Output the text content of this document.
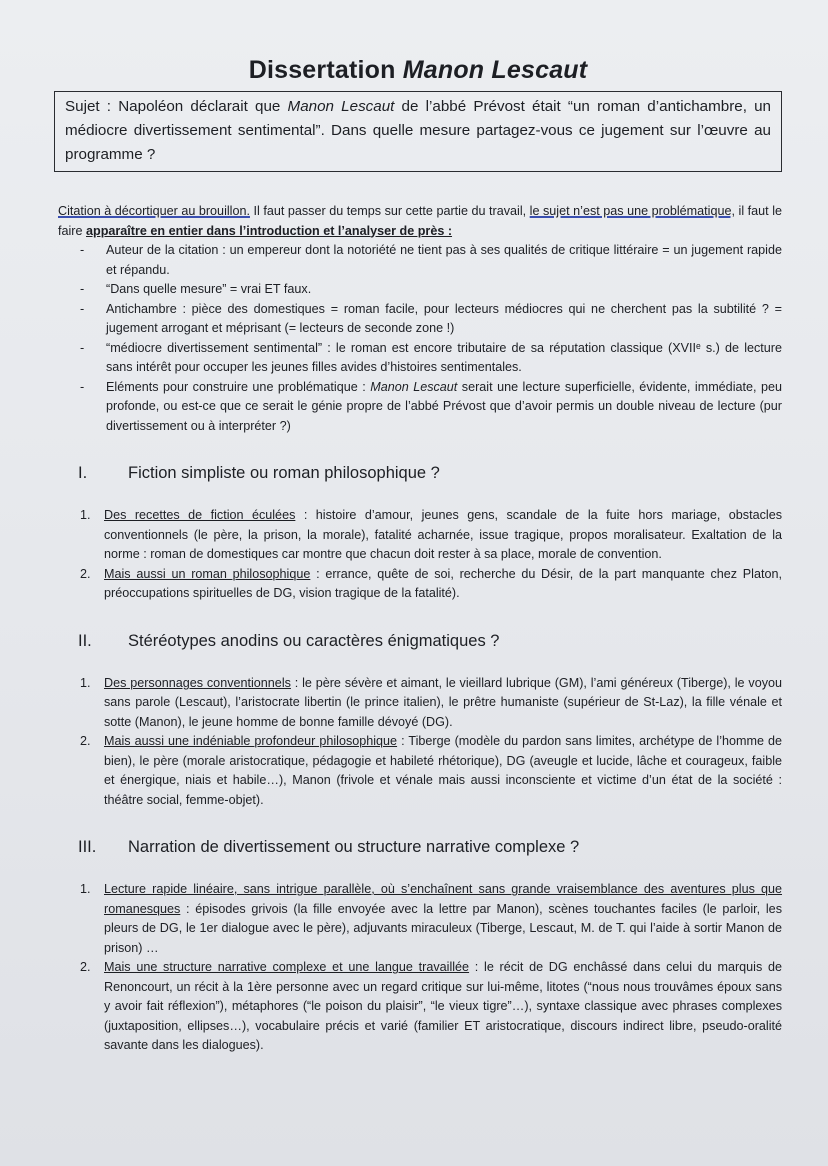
Dissertation Manon Lescaut
Sujet : Napoléon déclarait que Manon Lescaut de l’abbé Prévost était “un roman d’antichambre, un médiocre divertissement sentimental”. Dans quelle mesure partagez-vous ce jugement sur l’œuvre au programme ?

Citation à décortiquer au brouillon. Il faut passer du temps sur cette partie du travail, le sujet n’est pas une problématique, il faut le faire apparaître en entier dans l’introduction et l’analyser de près :

- Auteur de la citation : un empereur dont la notoriété ne tient pas à ses qualités de critique littéraire = un jugement rapide et répandu.
- “Dans quelle mesure” = vrai ET faux.
- Antichambre : pièce des domestiques = roman facile, pour lecteurs médiocres qui ne cherchent pas la subtilité ? = jugement arrogant et méprisant (= lecteurs de seconde zone !)
- “médiocre divertissement sentimental” : le roman est encore tributaire de sa réputation classique (XVIIᵉ s.) de lecture sans intérêt pour occuper les jeunes filles avides d’histoires sentimentales.
- Eléments pour construire une problématique : Manon Lescaut serait une lecture superficielle, évidente, immédiate, peu profonde, ou est-ce que ce serait le génie propre de l’abbé Prévost que d’avoir permis un double niveau de lecture (pur divertissement ou à interpréter ?)
I.	Fiction simpliste ou roman philosophique ?
1. Des recettes de fiction éculées : histoire d’amour, jeunes gens, scandale de la fuite hors mariage, obstacles conventionnels (le père, la prison, la morale), fatalité acharnée, issue tragique, propos moralisateur. Exaltation de la norme : roman de domestiques car montre que chacun doit rester à sa place, morale de convention.
2. Mais aussi un roman philosophique : errance, quête de soi, recherche du Désir, de la part manquante chez Platon, préoccupations spirituelles de DG, vision tragique de la fatalité).
II.	Stéréotypes anodins ou caractères énigmatiques ?
1. Des personnages conventionnels : le père sévère et aimant, le vieillard lubrique (GM), l’ami généreux (Tiberge), le voyou sans parole (Lescaut), l’aristocrate libertin (le prince italien), le prêtre humaniste (supérieur de St-Laz), la fille vénale et sotte (Manon), le jeune homme de bonne famille dévoyé (DG).
2. Mais aussi une indéniable profondeur philosophique : Tiberge (modèle du pardon sans limites, archétype de l’homme de bien), le père (morale aristocratique, pédagogie et habileté rhétorique), DG (aveugle et lucide, lâche et courageux, faible et énergique, niais et habile…), Manon (frivole et vénale mais aussi inconsciente et victime d’un état de la société : théâtre social, femme-objet).
III.	Narration de divertissement ou structure narrative complexe ?
1. Lecture rapide linéaire, sans intrigue parallèle, où s’enchaînent sans grande vraisemblance des aventures plus que romanesques : épisodes grivois (la fille envoyée avec la lettre par Manon), scènes touchantes faciles (le parloir, les pleurs de DG, le 1er dialogue avec le père), adjuvants miraculeux (Tiberge, Lescaut, M. de T. qui l’aide à sortir Manon de prison) …
2. Mais une structure narrative complexe et une langue travaillée : le récit de DG enchâssé dans celui du marquis de Renoncourt, un récit à la 1ère personne avec un regard critique sur lui-même, litotes (“nous nous trouvâmes époux sans y avoir fait réflexion”), métaphores (“le poison du plaisir”, “le vieux tigre”…), syntaxe classique avec phrases complexes (juxtaposition, ellipses…), vocabulaire précis et varié (familier ET aristocratique, discours indirect libre, pseudo-oralité savante dans les dialogues).
